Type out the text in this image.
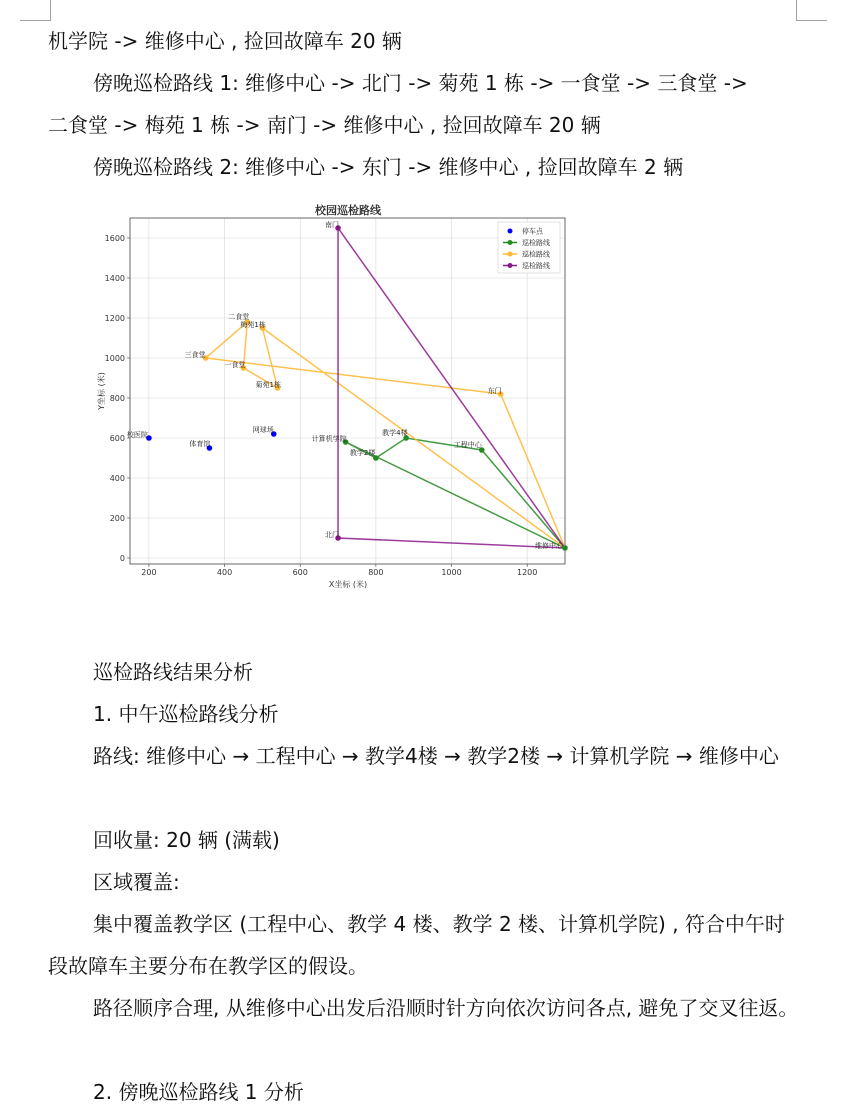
机学院 -> 维修中心 , 捡回故障车 20 辆

傍晚巡检路线 1: 维修中心 -> 北门 -> 菊苑 1 栋 -> 一食堂 -> 三食堂 ->
二食堂 -> 梅苑 1 栋 -> 南门 -> 维修中心 , 捡回故障车 20 辆

傍晚巡检路线 2: 维修中心 -> 东门 -> 维修中心 , 捡回故障车 2 辆

校园巡检路线
200	400	600	800	1000	1200
0
200
400
600
800
1000
1200
1400
1600
维修中心
工程中心
教学4楼
教学2楼
计算机学院
北门
南门
东门
菊苑1栋
一食堂
三食堂
二食堂
梅苑1栋
校医院
体育馆
网球场
X坐标 (米)
Y坐标 (米)
停车点
巡检路线
巡检路线
巡检路线

巡检路线结果分析

1. 中午巡检路线分析

路线: 维修中心 → 工程中心 → 教学4楼 → 教学2楼 → 计算机学院 → 维修中心

回收量: 20 辆 (满载)

区域覆盖:

集中覆盖教学区 (工程中心、教学 4 楼、教学 2 楼、计算机学院) , 符合中午时段故障车主要分布在教学区的假设。

路径顺序合理, 从维修中心出发后沿顺时针方向依次访问各点, 避免了交叉往返。

2. 傍晚巡检路线 1 分析
